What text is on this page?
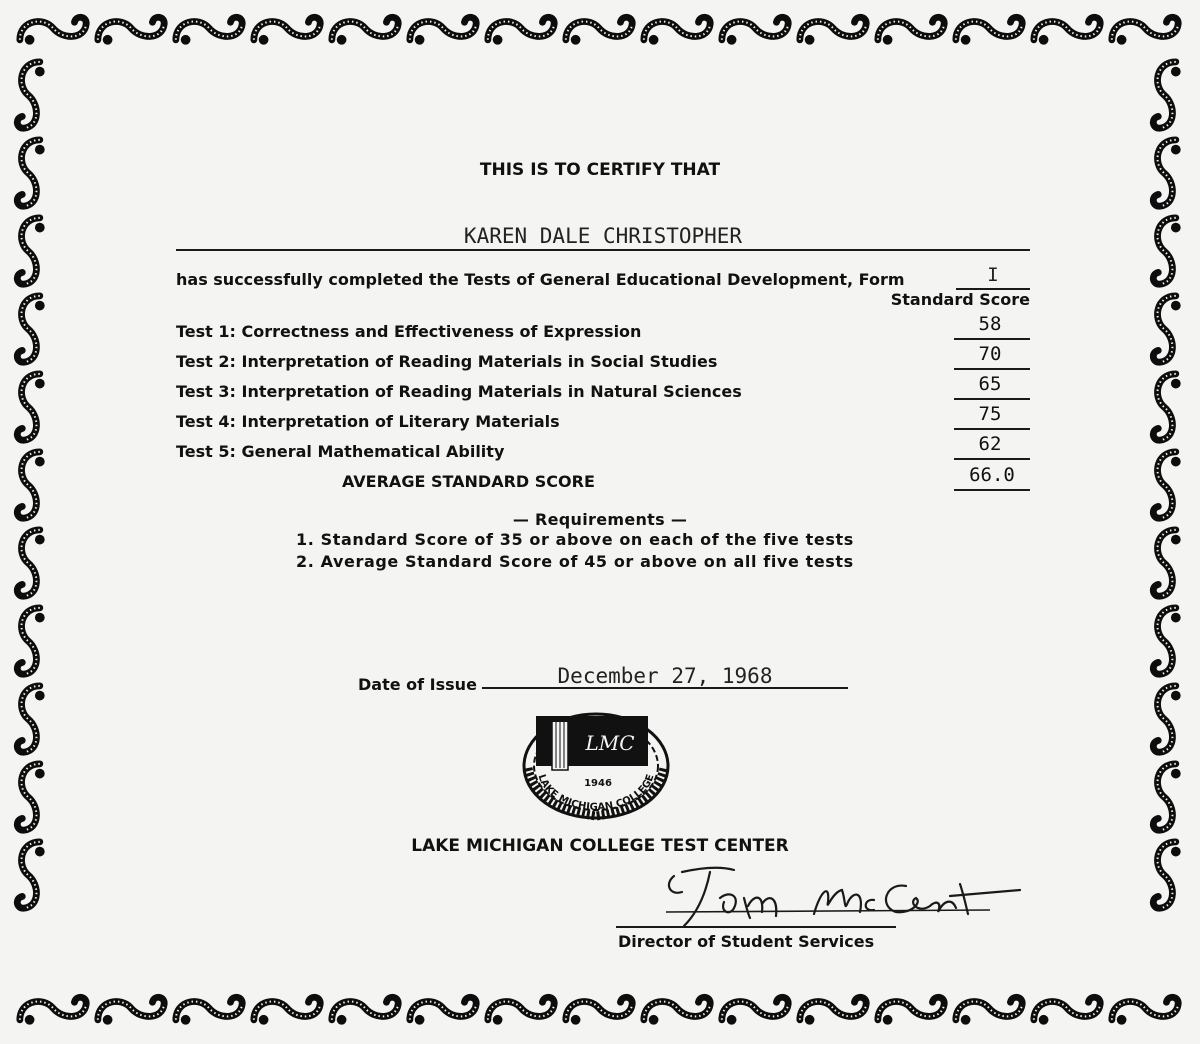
THIS IS TO CERTIFY THAT
KAREN DALE CHRISTOPHER
has successfully completed the Tests of General Educational Development, Form	I
Standard Score
Test 1: Correctness and Effectiveness of Expression	58
Test 2: Interpretation of Reading Materials in Social Studies	70
Test 3: Interpretation of Reading Materials in Natural Sciences	65
Test 4: Interpretation of Literary Materials	75
Test 5: General Mathematical Ability	62
AVERAGE STANDARD SCORE	66.0
— Requirements —
1. Standard Score of 35 or above on each of the five tests
2. Average Standard Score of 45 or above on all five tests
Date of Issue	December 27, 1968
LMC
1946
LAKE MICHIGAN COLLEGE
LAKE MICHIGAN COLLEGE TEST CENTER
Director of Student Services
